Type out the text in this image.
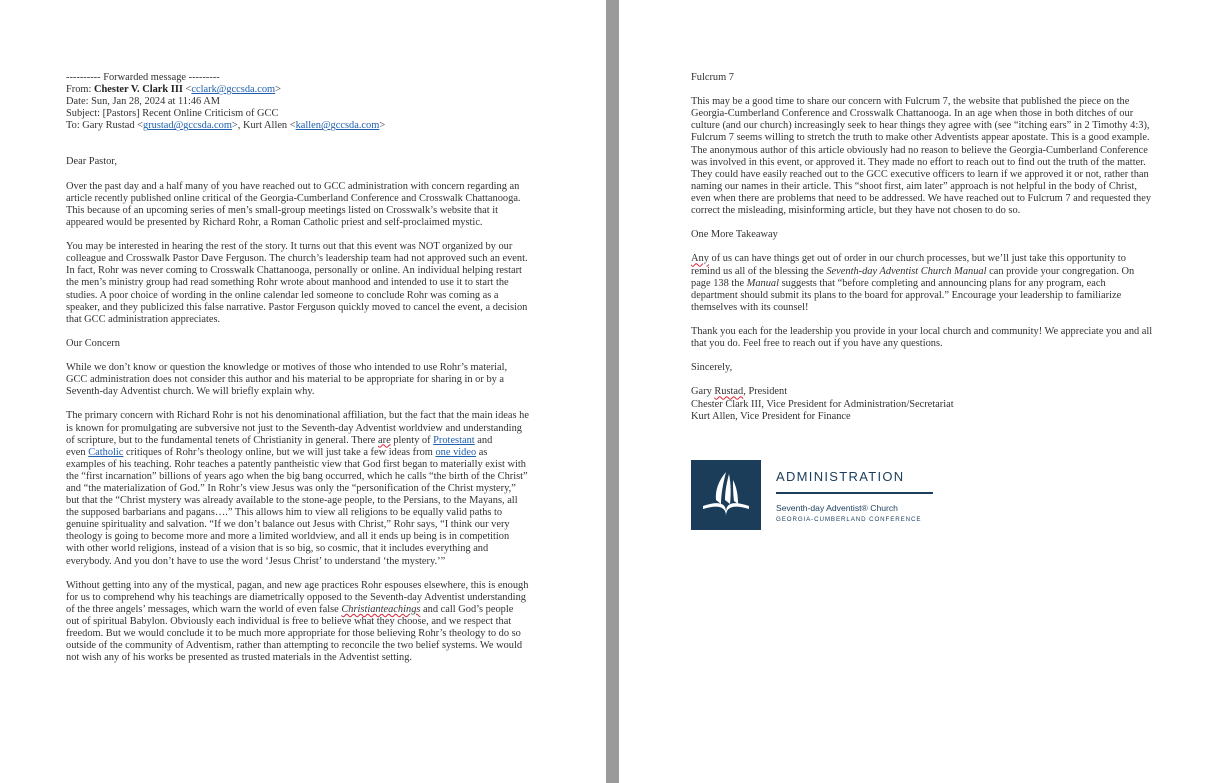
---------- Forwarded message ---------
From: Chester V. Clark III <cclark@gccsda.com>
Date: Sun, Jan 28, 2024 at 11:46 AM
Subject: [Pastors] Recent Online Criticism of GCC
To: Gary Rustad <grustad@gccsda.com>, Kurt Allen <kallen@gccsda.com>

Dear Pastor,

Over the past day and a half many of you have reached out to GCC administration with concern regarding an
article recently published online critical of the Georgia-Cumberland Conference and Crosswalk Chattanooga.
This because of an upcoming series of men’s small-group meetings listed on Crosswalk’s website that it
appeared would be presented by Richard Rohr, a Roman Catholic priest and self-proclaimed mystic.

You may be interested in hearing the rest of the story. It turns out that this event was NOT organized by our
colleague and Crosswalk Pastor Dave Ferguson. The church’s leadership team had not approved such an event.
In fact, Rohr was never coming to Crosswalk Chattanooga, personally or online. An individual helping restart
the men’s ministry group had read something Rohr wrote about manhood and intended to use it to start the
studies. A poor choice of wording in the online calendar led someone to conclude Rohr was coming as a
speaker, and they publicized this false narrative. Pastor Ferguson quickly moved to cancel the event, a decision
that GCC administration appreciates.

Our Concern

While we don’t know or question the knowledge or motives of those who intended to use Rohr’s material,
GCC administration does not consider this author and his material to be appropriate for sharing in or by a
Seventh-day Adventist church. We will briefly explain why.

The primary concern with Richard Rohr is not his denominational affiliation, but the fact that the main ideas he
is known for promulgating are subversive not just to the Seventh-day Adventist worldview and understanding
of scripture, but to the fundamental tenets of Christianity in general. There are plenty of Protestant and
even Catholic critiques of Rohr’s theology online, but we will just take a few ideas from one video as
examples of his teaching. Rohr teaches a patently pantheistic view that God first began to materially exist with
the “first incarnation” billions of years ago when the big bang occurred, which he calls “the birth of the Christ”
and “the materialization of God.” In Rohr’s view Jesus was only the “personification of the Christ mystery,”
but that the “Christ mystery was already available to the stone-age people, to the Persians, to the Mayans, all
the supposed barbarians and pagans….” This allows him to view all religions to be equally valid paths to
genuine spirituality and salvation. “If we don’t balance out Jesus with Christ,” Rohr says, “I think our very
theology is going to become more and more a limited worldview, and all it ends up being is in competition
with other world religions, instead of a vision that is so big, so cosmic, that it includes everything and
everybody. And you don’t have to use the word ‘Jesus Christ’ to understand ‘the mystery.’”

Without getting into any of the mystical, pagan, and new age practices Rohr espouses elsewhere, this is enough
for us to comprehend why his teachings are diametrically opposed to the Seventh-day Adventist understanding
of the three angels’ messages, which warn the world of even false Christianteachings and call God’s people
out of spiritual Babylon. Obviously each individual is free to believe what they choose, and we respect that
freedom. But we would conclude it to be much more appropriate for those believing Rohr’s theology to do so
outside of the community of Adventism, rather than attempting to reconcile the two belief systems. We would
not wish any of his works be presented as trusted materials in the Adventist setting.

Fulcrum 7

This may be a good time to share our concern with Fulcrum 7, the website that published the piece on the
Georgia-Cumberland Conference and Crosswalk Chattanooga. In an age when those in both ditches of our
culture (and our church) increasingly seek to hear things they agree with (see “itching ears” in 2 Timothy 4:3),
Fulcrum 7 seems willing to stretch the truth to make other Adventists appear apostate. This is a good example.
The anonymous author of this article obviously had no reason to believe the Georgia-Cumberland Conference
was involved in this event, or approved it. They made no effort to reach out to find out the truth of the matter.
They could have easily reached out to the GCC executive officers to learn if we approved it or not, rather than
naming our names in their article. This “shoot first, aim later” approach is not helpful in the body of Christ,
even when there are problems that need to be addressed. We have reached out to Fulcrum 7 and requested they
correct the misleading, misinforming article, but they have not chosen to do so.

One More Takeaway

Any of us can have things get out of order in our church processes, but we’ll just take this opportunity to
remind us all of the blessing the Seventh-day Adventist Church Manual can provide your congregation. On
page 138 the Manual suggests that “before completing and announcing plans for any program, each
department should submit its plans to the board for approval.” Encourage your leadership to familiarize
themselves with its counsel!

Thank you each for the leadership you provide in your local church and community! We appreciate you and all
that you do. Feel free to reach out if you have any questions.

Sincerely,

Gary Rustad, President
Chester Clark III, Vice President for Administration/Secretariat
Kurt Allen, Vice President for Finance

ADMINISTRATION
Seventh-day Adventist® Church
GEORGIA-CUMBERLAND CONFERENCE
